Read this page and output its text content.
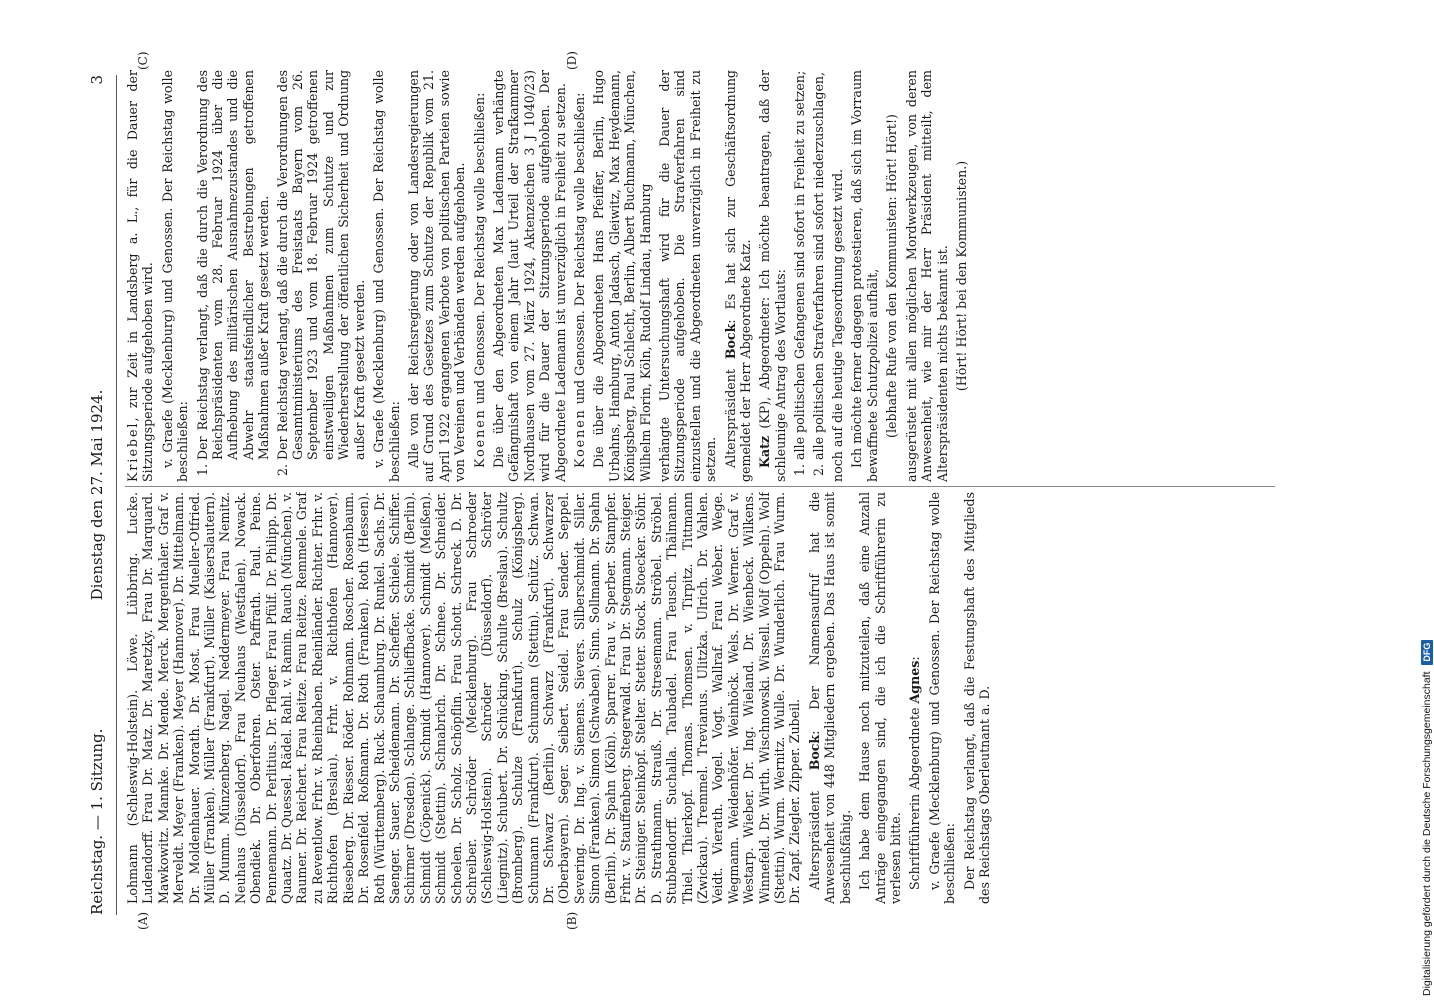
Reichstag. — 1. Sitzung.
Dienstag den 27. Mai 1924.
3
(A)	(B)
(C)	(D)

Lohmann (Schleswig-Holstein). Löwe. Lübbring. Lucke. Ludendorff. Frau Dr. Matz. Dr. Maretzky. Frau Dr. Marquard. Mawkowitz. Mannke. Dr. Mende. Merck. Mergenthaler. Graf v. Merveldt. Meyer (Franken). Meyer (Hannover). Dr. Mittelmann. Dr. Moldenhauer. Morath. Dr. Most. Frau Mueller-Otfried. Müller (Franken). Müller (Frankfurt). Müller (Kaiserslautern). D. Mumm. Münzenberg. Nagel. Neddermeyer. Frau Nemitz. Neuhaus (Düsseldorf). Frau Neuhaus (Westfalen). Nowack. Obendiek. Dr. Oberfohren. Oster. Paffrath. Paul. Peine. Pennemann. Dr. Perlitius. Dr. Pfleger. Frau Pfülf. Dr. Philipp. Dr. Quaatz. Dr. Quessel. Rädel. Rahl. v. Ramin. Rauch (München). v. Raumer. Dr. Reichert. Frau Reitze. Frau Reitze. Remmele. Graf zu Reventlow. Frhr. v. Rheinbaben. Rheinländer. Richter. Frhr. v. Richthofen (Breslau). Frhr. v. Richthofen (Hannover). Rieseberg. Dr. Riesser. Röder. Rohmann. Roscher. Rosenbaum. Dr. Rosenfeld. Roßmann. Dr. Roth (Franken). Roth (Hessen). Roth (Württemberg). Ruck. Schaumburg. Dr. Runkel. Sachs. Dr. Saenger. Sauer. Scheidemann. Dr. Scheffer. Schiele. Schiffer. Schirmer (Dresden). Schlange. Schlieffbacke. Schmidt (Berlin). Schmidt (Cöpenick). Schmidt (Hannover). Schmidt (Meißen). Schmidt (Stettin). Schnabrich. Dr. Schnee. Dr. Schneider. Schoelen. Dr. Scholz. Schöpflin. Frau Schott. Schreck. D. Dr. Schreiber. Schröder (Mecklenburg). Frau Schroeder (Schleswig-Holstein). Schröder (Düsseldorf). Schröter (Liegnitz). Schubert. Dr. Schücking. Schulte (Breslau). Schultz (Bromberg). Schulze (Frankfurt). Schulz (Königsberg). Schumann (Frankfurt). Schumann (Stettin). Schütz. Schwan. Dr. Schwarz (Berlin). Schwarz (Frankfurt). Schwarzer (Oberbayern). Seger. Seibert. Seidel. Frau Sender. Seppel. Severing. Dr. Ing. v. Siemens. Sievers. Silberschmidt. Siller. Simon (Franken). Simon (Schwaben). Sinn. Sollmann. Dr. Spahn (Berlin). Dr. Spahn (Köln). Sparrer. Frau v. Sperber. Stampfer. Frhr. v. Stauffenberg. Stegerwald. Frau Dr. Stegmann. Steiger. Dr. Steiniger. Steinkopf. Stelter. Stetter. Stock. Stoecker. Stöhr. D. Strathmann. Strauß. Dr. Stresemann. Ströbel. Ströbel. Stubbendorff. Suchalla. Taubadel. Frau Teusch. Thälmann. Thiel. Thierkopf. Thomas. Thomsen. v. Tirpitz. Tittmann (Zwickau). Tremmel. Trevianus. Ulitzka. Ulrich. Dr. Vahlen. Veidt. Vierath. Vogel. Vogt. Wallraf. Frau Weber. Wege. Wegmann. Weidenhöfer. Weinhöck. Wels. Dr. Werner. Graf v. Westarp. Wieber. Dr. Ing. Wieland. Dr. Wienbeck. Wilkens. Winnefeld. Dr. Wirth. Wischnowski. Wissell. Wolf (Oppeln). Wolf (Stettin). Wurm. Wernitz. Wulle. Dr. Wunderlich. Frau Wurm. Dr. Zapf. Ziegler. Zipper. Zubeil. Alterspräsident Bock: Der Namensaufruf hat die Anwesenheit von 448 Mitgliedern ergeben. Das Haus ist somit beschlußfähig. Ich habe dem Hause noch mitzuteilen, daß eine Anzahl Anträge eingegangen sind, die ich die Schriftführerin zu verlesen bitte. Schriftführerin Abgeordnete Agnes: v. Graefe (Mecklenburg) und Genossen. Der Reichstag wolle beschließen: Der Reichstag verlangt, daß die Festungshaft des Mitglieds des Reichstags Oberleutnant a. D.

Kriebel, zur Zeit in Landsberg a. L., für die Dauer der Sitzungsperiode aufgehoben wird. v. Graefe (Mecklenburg) und Genossen. Der Reichstag wolle beschließen: 1. Der Reichstag verlangt, daß die durch die Verordnung des Reichspräsidenten vom 28. Februar 1924 über die Aufhebung des militärischen Ausnahmezustandes und die Abwehr staatsfeindlicher Bestrebungen getroffenen Maßnahmen außer Kraft gesetzt werden. 2. Der Reichstag verlangt, daß die durch die Verordnungen des Gesamtministeriums des Freistaats Bayern vom 26. September 1923 und vom 18. Februar 1924 getroffenen einstweiligen Maßnahmen zum Schutze und zur Wiederherstellung der öffentlichen Sicherheit und Ordnung außer Kraft gesetzt werden. v. Graefe (Mecklenburg) und Genossen. Der Reichstag wolle beschließen: Alle von der Reichsregierung oder von Landesregierungen auf Grund des Gesetzes zum Schutze der Republik vom 21. April 1922 ergangenen Verbote von politischen Parteien sowie von Vereinen und Verbänden werden aufgehoben. Koenen und Genossen. Der Reichstag wolle beschließen: Die über den Abgeordneten Max Lademann verhängte Gefängnishaft von einem Jahr (laut Urteil der Strafkammer Nordhausen vom 27. März 1924, Aktenzeichen 3 J 1040/23) wird für die Dauer der Sitzungsperiode aufgehoben. Der Abgeordnete Lademann ist unverzüglich in Freiheit zu setzen. Koenen und Genossen. Der Reichstag wolle beschließen: Die über die Abgeordneten Hans Pfeiffer, Berlin, Hugo Urbahns, Hamburg, Anton Jadasch, Gleiwitz, Max Heydemann, Königsberg, Paul Schlecht, Berlin, Albert Buchmann, München, Wilhelm Florin, Köln, Rudolf Lindau, Hamburg verhängte Untersuchungshaft wird für die Dauer der Sitzungsperiode aufgehoben. Die Strafverfahren sind einzustellen und die Abgeordneten unverzüglich in Freiheit zu setzen. Alterspräsident Bock: Es hat sich zur Geschäftsordnung gemeldet der Herr Abgeordnete Katz. Katz (KP), Abgeordneter: Ich möchte beantragen, daß der schleunige Antrag des Wortlauts: 1. alle politischen Gefangenen sind sofort in Freiheit zu setzen; 2. alle politischen Strafverfahren sind sofort niederzuschlagen, noch auf die heutige Tagesordnung gesetzt wird. Ich möchte ferner dagegen protestieren, daß sich im Vorraum bewaffnete Schutzpolizei aufhält, (lebhafte Rufe von den Kommunisten: Hört! Hört!) ausgerüstet mit allen möglichen Mordwerkzeugen, von deren Anwesenheit, wie mir der Herr Präsident mitteilt, dem Alterspräsidenten nichts bekannt ist. (Hört! Hört! bei den Kommunisten.)

Digitalisierung gefördert durch die Deutsche Forschungsgemeinschaft DFG
